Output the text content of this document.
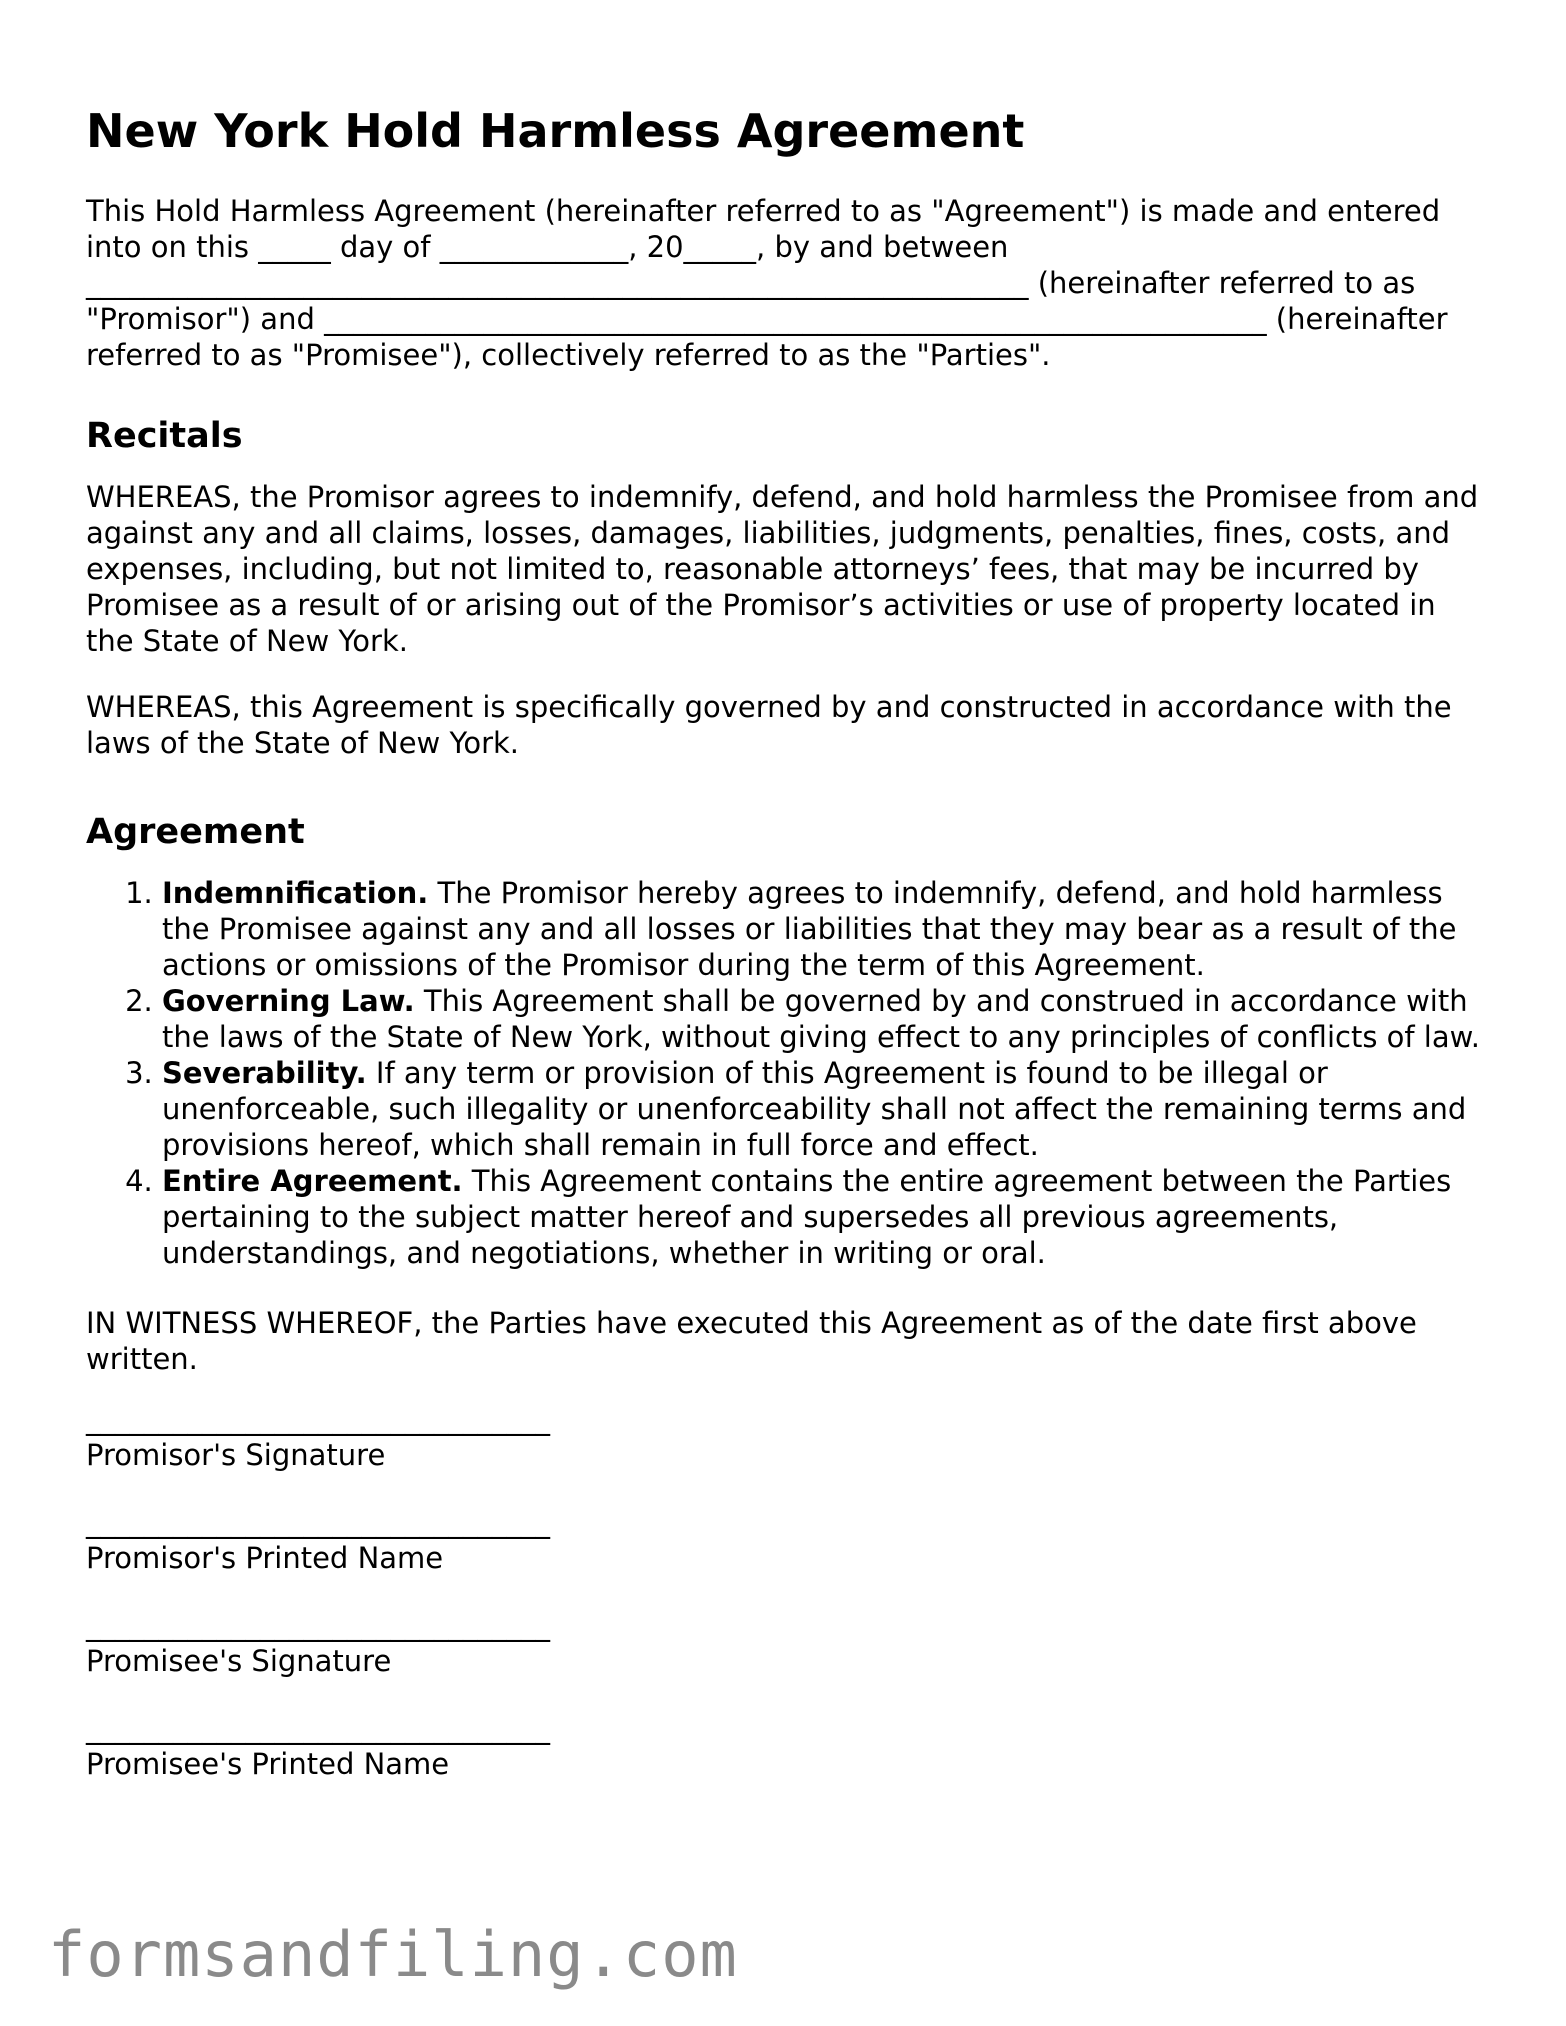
New York Hold Harmless Agreement

This Hold Harmless Agreement (hereinafter referred to as "Agreement") is made and entered into on this _____ day of _____________, 20_____, by and between _________________________________________________________________ (hereinafter referred to as "Promisor") and _________________________________________________________________ (hereinafter referred to as "Promisee"), collectively referred to as the "Parties".

Recitals

WHEREAS, the Promisor agrees to indemnify, defend, and hold harmless the Promisee from and against any and all claims, losses, damages, liabilities, judgments, penalties, fines, costs, and expenses, including, but not limited to, reasonable attorneys’ fees, that may be incurred by Promisee as a result of or arising out of the Promisor’s activities or use of property located in the State of New York.

WHEREAS, this Agreement is specifically governed by and constructed in accordance with the laws of the State of New York.

Agreement
1. Indemnification. The Promisor hereby agrees to indemnify, defend, and hold harmless the Promisee against any and all losses or liabilities that they may bear as a result of the actions or omissions of the Promisor during the term of this Agreement.
2. Governing Law. This Agreement shall be governed by and construed in accordance with the laws of the State of New York, without giving effect to any principles of conflicts of law.
3. Severability. If any term or provision of this Agreement is found to be illegal or unenforceable, such illegality or unenforceability shall not affect the remaining terms and provisions hereof, which shall remain in full force and effect.
4. Entire Agreement. This Agreement contains the entire agreement between the Parties pertaining to the subject matter hereof and supersedes all previous agreements, understandings, and negotiations, whether in writing or oral.

IN WITNESS WHEREOF, the Parties have executed this Agreement as of the date first above written.

________________________________
Promisor's Signature
________________________________
Promisor's Printed Name
________________________________
Promisee's Signature
________________________________
Promisee's Printed Name
formsandfiling.com
